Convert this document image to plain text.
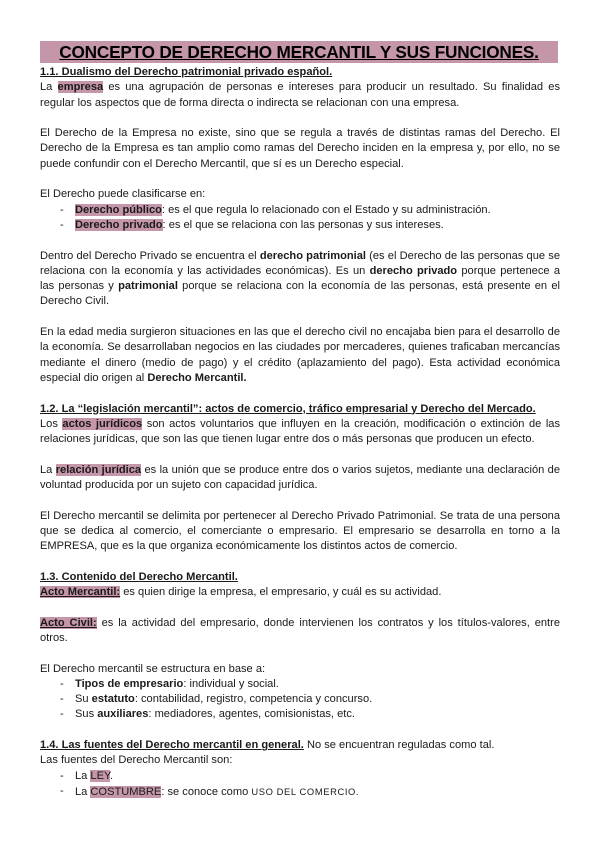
CONCEPTO DE DERECHO MERCANTIL Y SUS FUNCIONES.

1.1. Dualismo del Derecho patrimonial privado español.

La empresa es una agrupación de personas e intereses para producir un resultado. Su finalidad es regular los aspectos que de forma directa o indirecta se relacionan con una empresa.

El Derecho de la Empresa no existe, sino que se regula a través de distintas ramas del Derecho. El Derecho de la Empresa es tan amplio como ramas del Derecho inciden en la empresa y, por ello, no se puede confundir con el Derecho Mercantil, que sí es un Derecho especial.

El Derecho puede clasificarse en:

- Derecho público: es el que regula lo relacionado con el Estado y su administración.
- Derecho privado: es el que se relaciona con las personas y sus intereses.

Dentro del Derecho Privado se encuentra el derecho patrimonial (es el Derecho de las personas que se relaciona con la economía y las actividades económicas). Es un derecho privado porque pertenece a las personas y patrimonial porque se relaciona con la economía de las personas, está presente en el Derecho Civil.

En la edad media surgieron situaciones en las que el derecho civil no encajaba bien para el desarrollo de la economía. Se desarrollaban negocios en las ciudades por mercaderes, quienes traficaban mercancías mediante el dinero (medio de pago) y el crédito (aplazamiento del pago). Esta actividad económica especial dio origen al Derecho Mercantil.

1.2. La “legislación mercantil”: actos de comercio, tráfico empresarial y Derecho del Mercado.

Los actos jurídicos son actos voluntarios que influyen en la creación, modificación o extinción de las relaciones jurídicas, que son las que tienen lugar entre dos o más personas que producen un efecto.

La relación jurídica es la unión que se produce entre dos o varios sujetos, mediante una declaración de voluntad producida por un sujeto con capacidad jurídica.

El Derecho mercantil se delimita por pertenecer al Derecho Privado Patrimonial. Se trata de una persona que se dedica al comercio, el comerciante o empresario. El empresario se desarrolla en torno a la EMPRESA, que es la que organiza económicamente los distintos actos de comercio.

1.3. Contenido del Derecho Mercantil.

Acto Mercantil: es quien dirige la empresa, el empresario, y cuál es su actividad.

Acto Civil: es la actividad del empresario, donde intervienen los contratos y los títulos-valores, entre otros.

El Derecho mercantil se estructura en base a:

- Tipos de empresario: individual y social.
- Su estatuto: contabilidad, registro, competencia y concurso.
- Sus auxiliares: mediadores, agentes, comisionistas, etc.

1.4. Las fuentes del Derecho mercantil en general. No se encuentran reguladas como tal.

Las fuentes del Derecho Mercantil son:

- La LEY.
- La COSTUMBRE: se conoce como USO DEL COMERCIO.
